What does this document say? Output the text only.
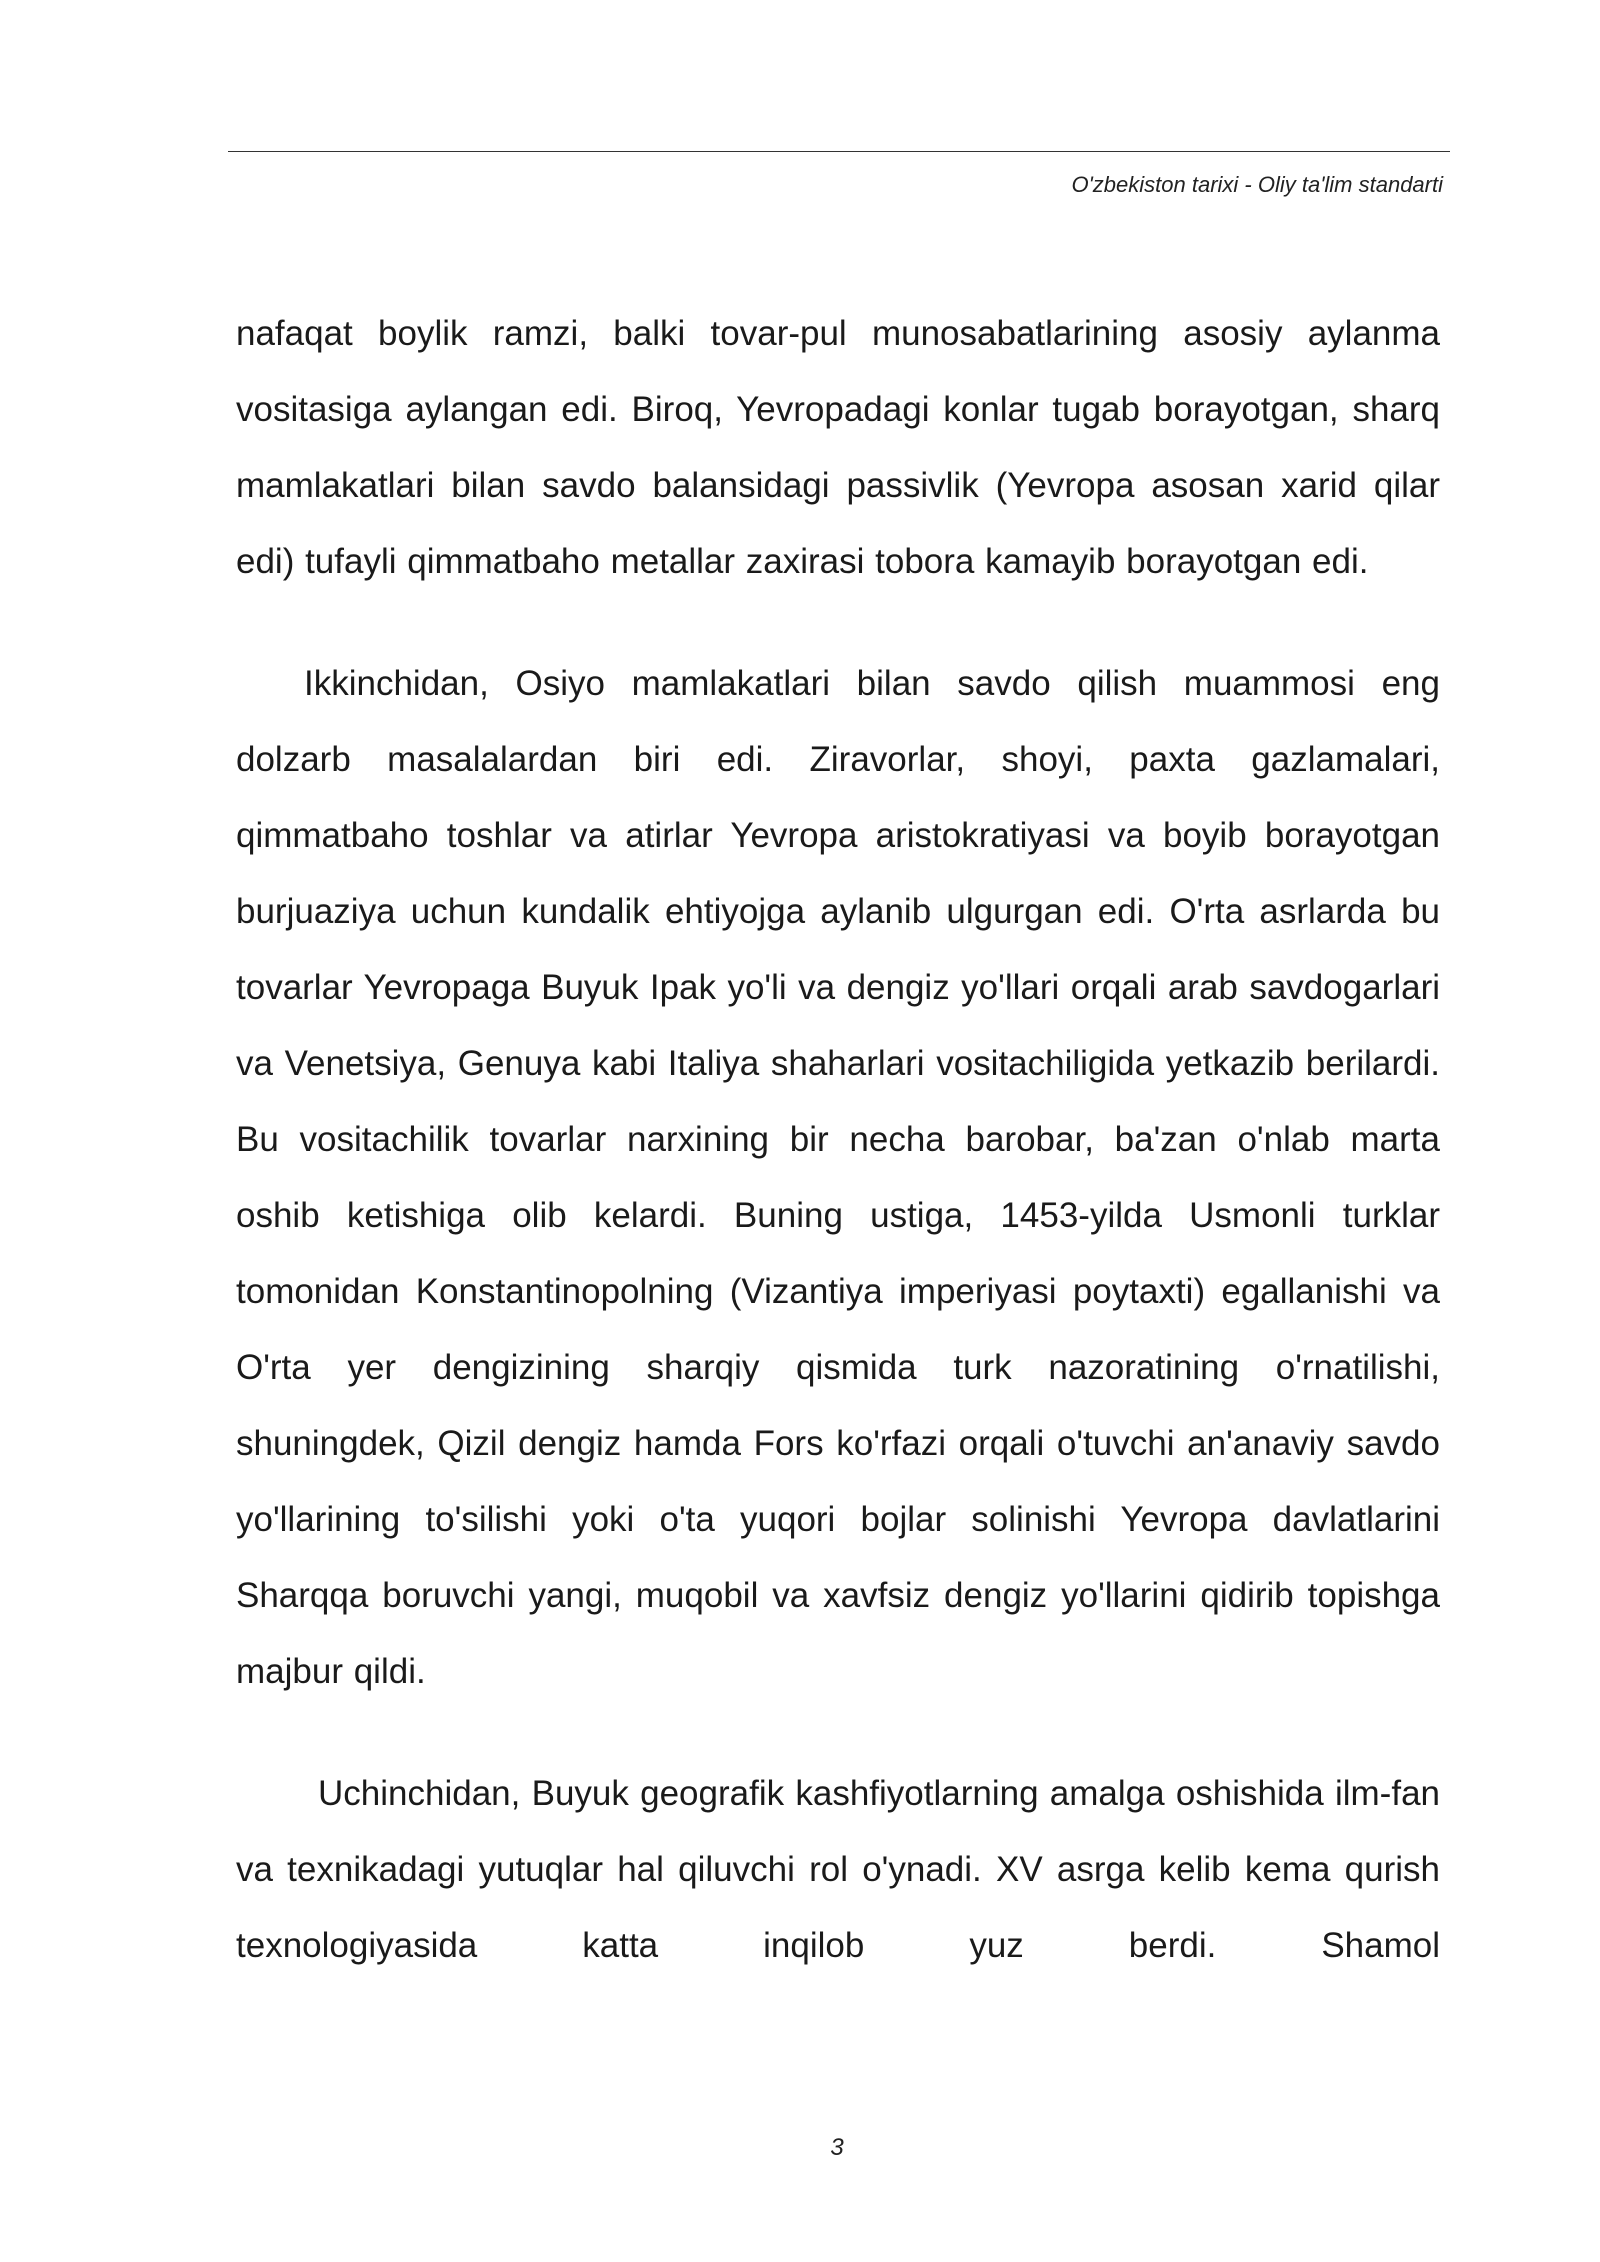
O'zbekiston tarixi - Oliy ta'lim standarti

nafaqat boylik ramzi, balki tovar-pul munosabatlarining asosiy aylanma vositasiga aylangan edi. Biroq, Yevropadagi konlar tugab borayotgan, sharq mamlakatlari bilan savdo balansidagi passivlik (Yevropa asosan xarid qilar edi) tufayli qimmatbaho metallar zaxirasi tobora kamayib borayotgan edi.

Ikkinchidan, Osiyo mamlakatlari bilan savdo qilish muammosi eng dolzarb masalalardan biri edi. Ziravorlar, shoyi, paxta gazlamalari, qimmatbaho toshlar va atirlar Yevropa aristokratiyasi va boyib borayotgan burjuaziya uchun kundalik ehtiyojga aylanib ulgurgan edi. O'rta asrlarda bu tovarlar Yevropaga Buyuk Ipak yo'li va dengiz yo'llari orqali arab savdogarlari va Venetsiya, Genuya kabi Italiya shaharlari vositachiligida yetkazib berilardi. Bu vositachilik tovarlar narxining bir necha barobar, ba'zan o'nlab marta oshib ketishiga olib kelardi. Buning ustiga, 1453-yilda Usmonli turklar tomonidan Konstantinopolning (Vizantiya imperiyasi poytaxti) egallanishi va O'rta yer dengizining sharqiy qismida turk nazoratining o'rnatilishi, shuningdek, Qizil dengiz hamda Fors ko'rfazi orqali o'tuvchi an'anaviy savdo yo'llarining to'silishi yoki o'ta yuqori bojlar solinishi Yevropa davlatlarini Sharqqa boruvchi yangi, muqobil va xavfsiz dengiz yo'llarini qidirib topishga majbur qildi.

Uchinchidan, Buyuk geografik kashfiyotlarning amalga oshishida ilm-fan va texnikadagi yutuqlar hal qiluvchi rol o'ynadi. XV asrga kelib kema qurish texnologiyasida katta inqilob yuz berdi. Shamol

3
